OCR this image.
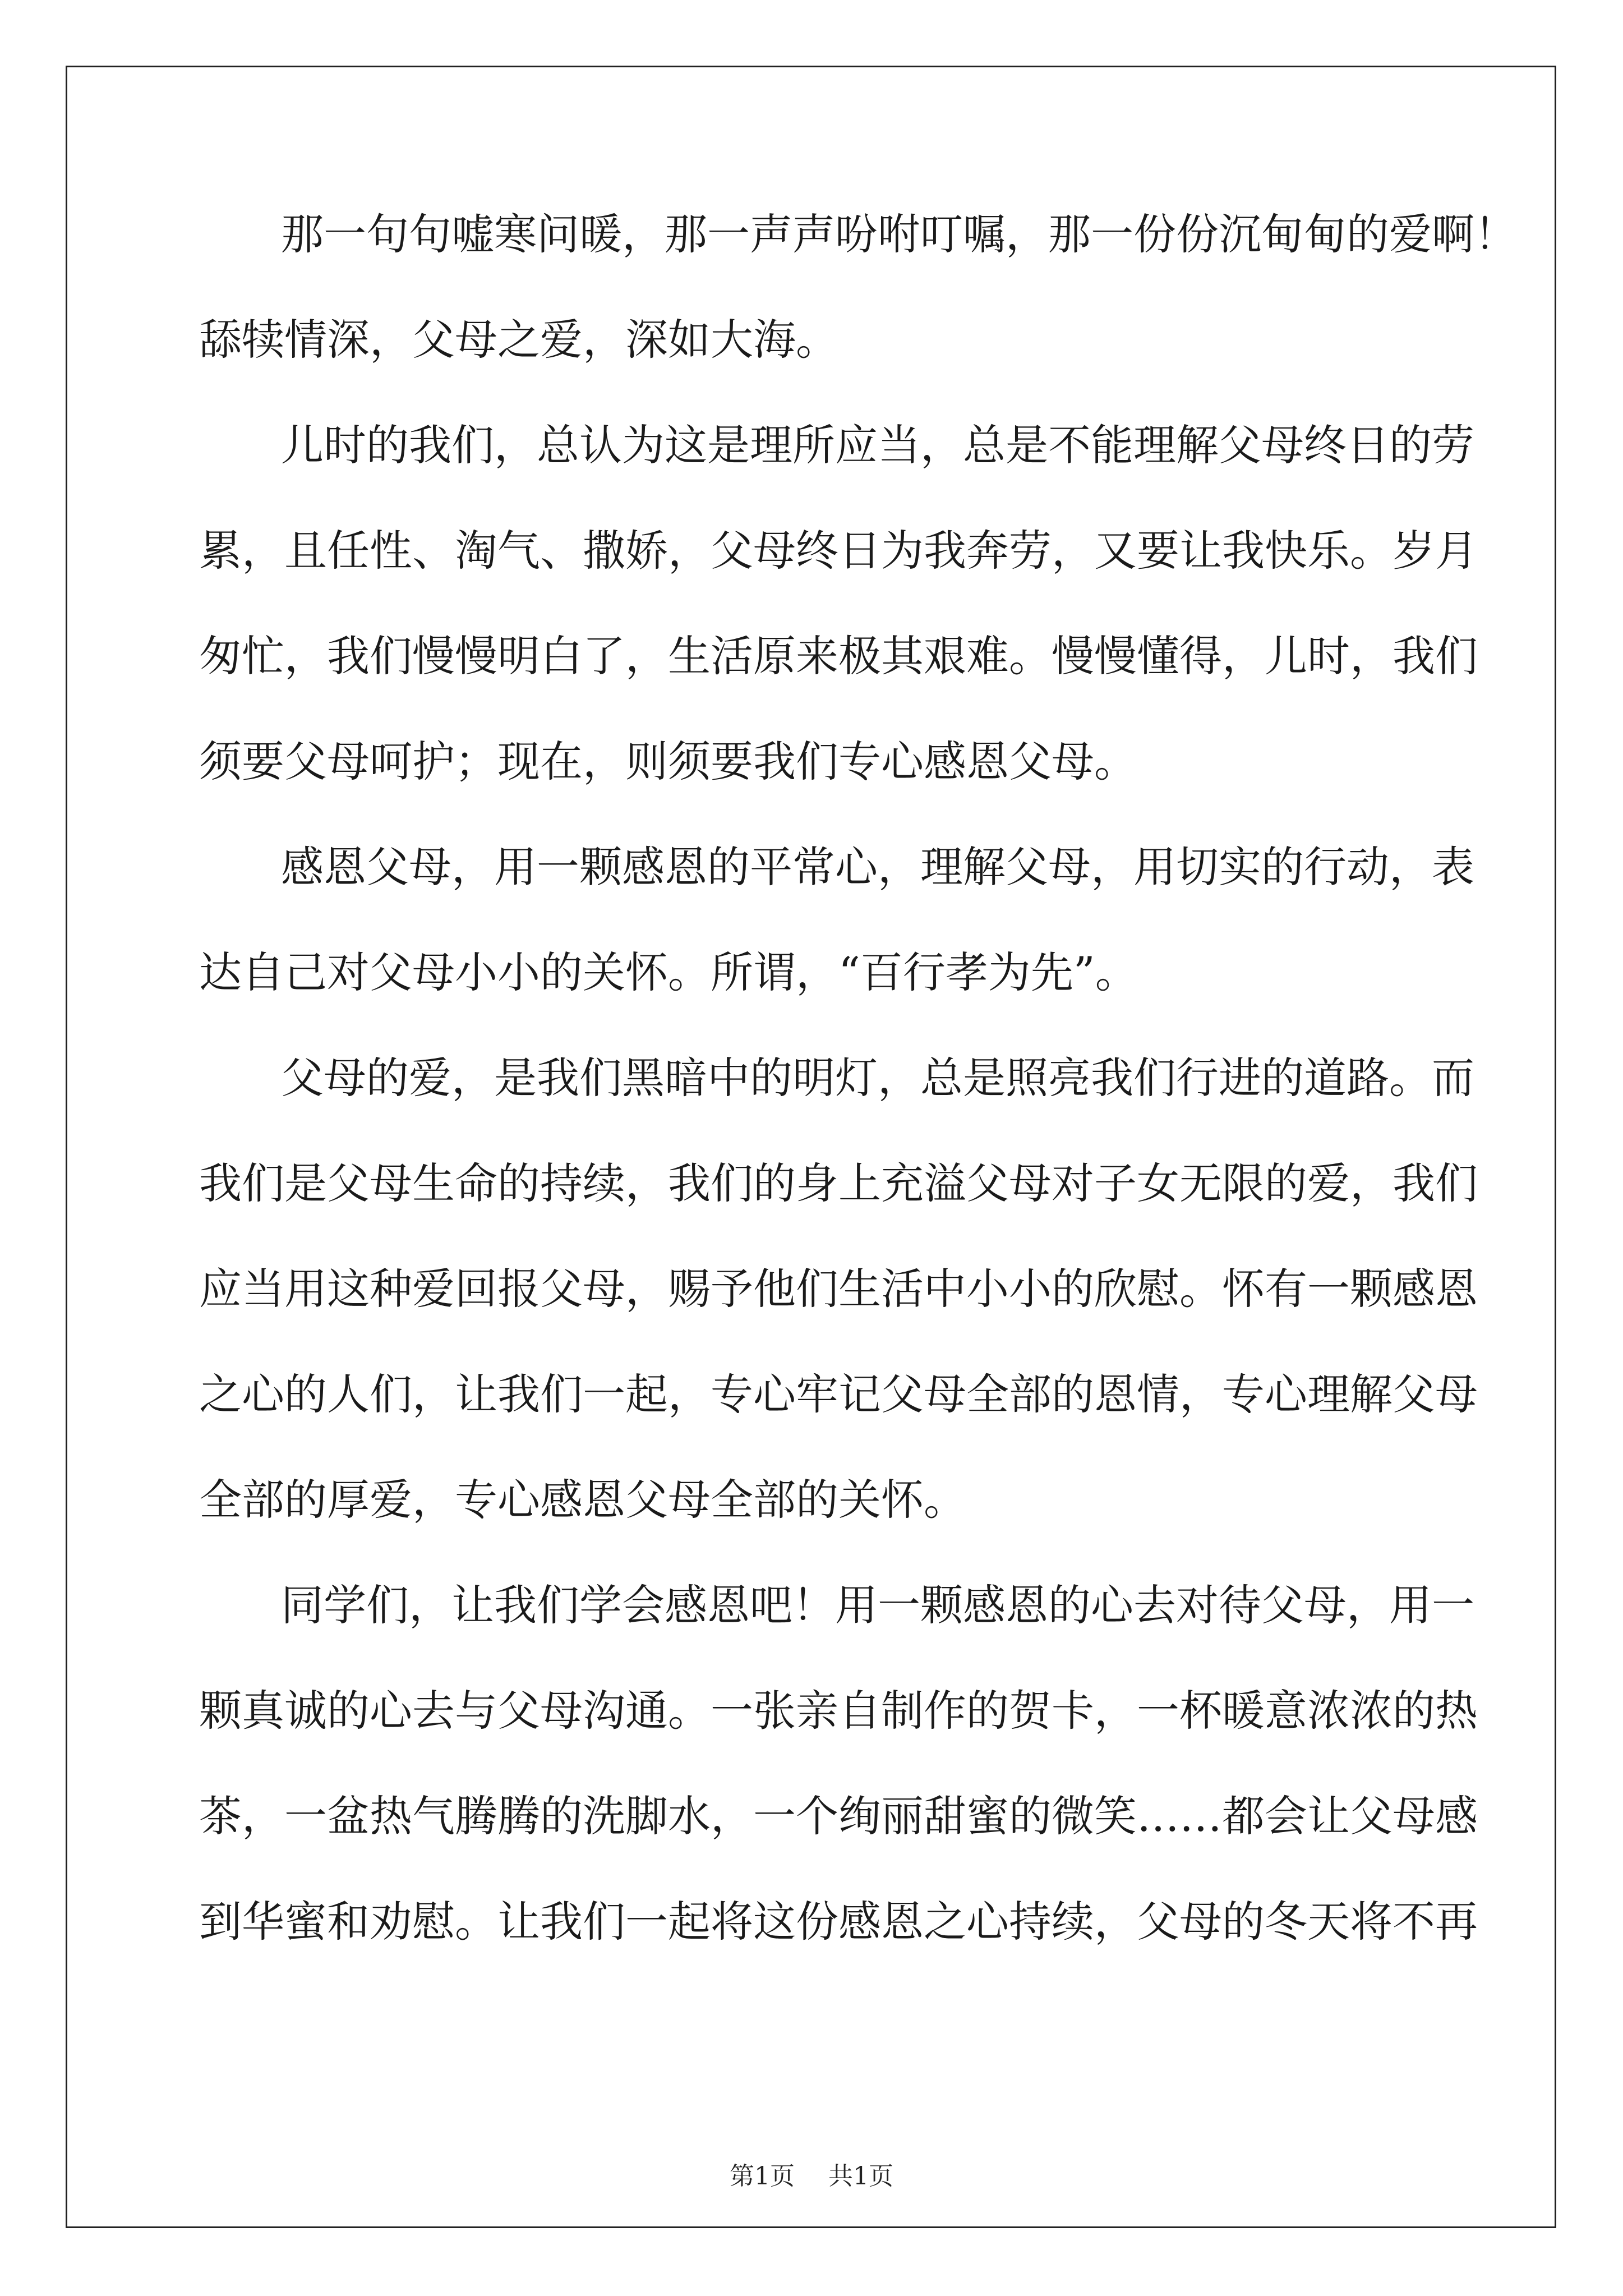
那一句句嘘寒问暖，那一声声吩咐叮嘱，那一份份沉甸甸的爱啊！
舔犊情深，父母之爱，深如大海。
儿时的我们，总认为这是理所应当，总是不能理解父母终日的劳
累，且任性、淘气、撒娇，父母终日为我奔劳，又要让我快乐。岁月
匆忙，我们慢慢明白了，生活原来极其艰难。慢慢懂得，儿时，我们
须要父母呵护；现在，则须要我们专心感恩父母。
感恩父母，用一颗感恩的平常心，理解父母，用切实的行动，表
达自己对父母小小的关怀。所谓，“百行孝为先”。
父母的爱，是我们黑暗中的明灯，总是照亮我们行进的道路。而
我们是父母生命的持续，我们的身上充溢父母对子女无限的爱，我们
应当用这种爱回报父母，赐予他们生活中小小的欣慰。怀有一颗感恩
之心的人们，让我们一起，专心牢记父母全部的恩情，专心理解父母
全部的厚爱，专心感恩父母全部的关怀。
同学们，让我们学会感恩吧！用一颗感恩的心去对待父母，用一
颗真诚的心去与父母沟通。一张亲自制作的贺卡，一杯暖意浓浓的热
茶，一盆热气腾腾的洗脚水，一个绚丽甜蜜的微笑……都会让父母感
到华蜜和劝慰。让我们一起将这份感恩之心持续，父母的冬天将不再
第1页 共1页
